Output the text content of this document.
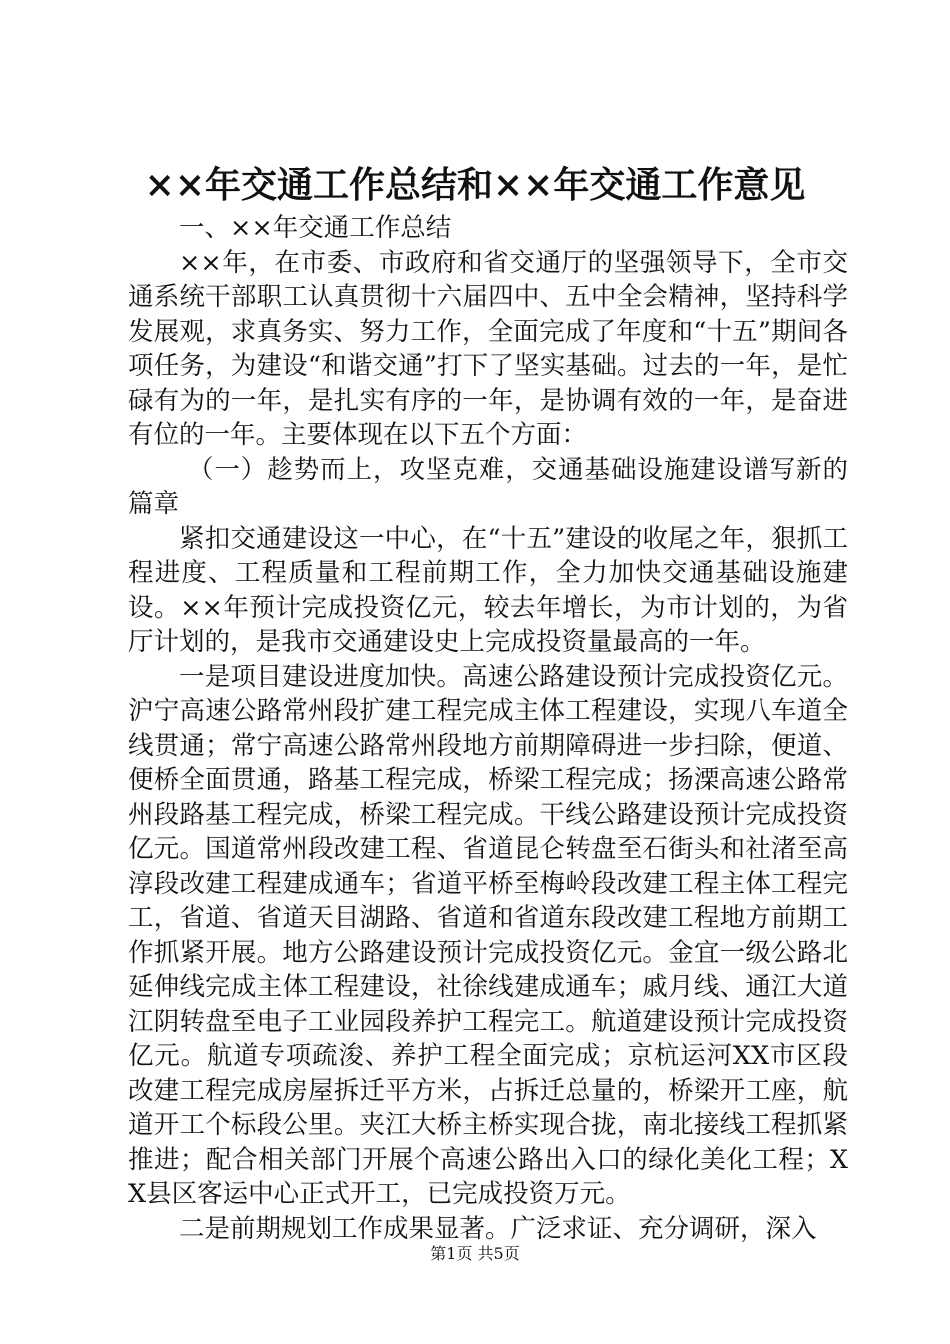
××年交通工作总结和××年交通工作意见

一、××年交通工作总结

××年，在市委、市政府和省交通厅的坚强领导下，全市交通系统干部职工认真贯彻十六届四中、五中全会精神，坚持科学发展观，求真务实、努力工作，全面完成了年度和“十五”期间各项任务，为建设“和谐交通”打下了坚实基础。过去的一年，是忙碌有为的一年，是扎实有序的一年，是协调有效的一年，是奋进有位的一年。主要体现在以下五个方面：

（一）趁势而上，攻坚克难，交通基础设施建设谱写新的篇章

紧扣交通建设这一中心，在“十五”建设的收尾之年，狠抓工程进度、工程质量和工程前期工作，全力加快交通基础设施建设。××年预计完成投资亿元，较去年增长，为市计划的，为省厅计划的，是我市交通建设史上完成投资量最高的一年。

一是项目建设进度加快。高速公路建设预计完成投资亿元。沪宁高速公路常州段扩建工程完成主体工程建设，实现八车道全线贯通；常宁高速公路常州段地方前期障碍进一步扫除，便道、便桥全面贯通，路基工程完成，桥梁工程完成；扬溧高速公路常州段路基工程完成，桥梁工程完成。干线公路建设预计完成投资亿元。国道常州段改建工程、省道昆仑转盘至石街头和社渚至高淳段改建工程建成通车；省道平桥至梅岭段改建工程主体工程完工，省道、省道天目湖路、省道和省道东段改建工程地方前期工作抓紧开展。地方公路建设预计完成投资亿元。金宜一级公路北延伸线完成主体工程建设，社徐线建成通车；戚月线、通江大道江阴转盘至电子工业园段养护工程完工。航道建设预计完成投资亿元。航道专项疏浚、养护工程全面完成；京杭运河XX市区段改建工程完成房屋拆迁平方米，占拆迁总量的，桥梁开工座，航道开工个标段公里。夹江大桥主桥实现合拢，南北接线工程抓紧推进；配合相关部门开展个高速公路出入口的绿化美化工程；XX县区客运中心正式开工，已完成投资万元。

二是前期规划工作成果显著。广泛求证、充分调研，深入

第1页 共5页
